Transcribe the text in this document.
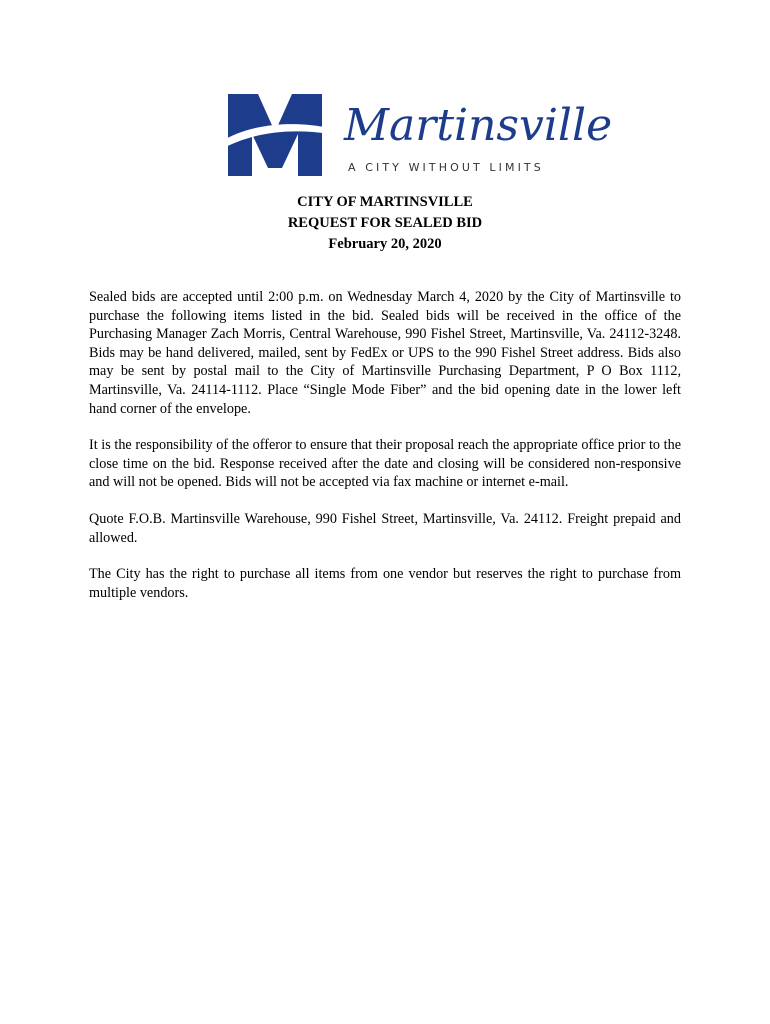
Martinsville
A CITY WITHOUT LIMITS
CITY OF MARTINSVILLE
REQUEST FOR SEALED BID
February 20, 2020

Sealed bids are accepted until 2:00 p.m. on Wednesday March 4, 2020 by the City of Martinsville to purchase the following items listed in the bid. Sealed bids will be received in the office of the Purchasing Manager Zach Morris, Central Warehouse, 990 Fishel Street, Martinsville, Va. 24112-3248. Bids may be hand delivered, mailed, sent by FedEx or UPS to the 990 Fishel Street address. Bids also may be sent by postal mail to the City of Martinsville Purchasing Department, P O Box 1112, Martinsville, Va. 24114-1112. Place “Single Mode Fiber” and the bid opening date in the lower left hand corner of the envelope.

It is the responsibility of the offeror to ensure that their proposal reach the appropriate office prior to the close time on the bid. Response received after the date and closing will be considered non-responsive and will not be opened. Bids will not be accepted via fax machine or internet e-mail.

Quote F.O.B. Martinsville Warehouse, 990 Fishel Street, Martinsville, Va. 24112. Freight prepaid and allowed.

The City has the right to purchase all items from one vendor but reserves the right to purchase from multiple vendors.
